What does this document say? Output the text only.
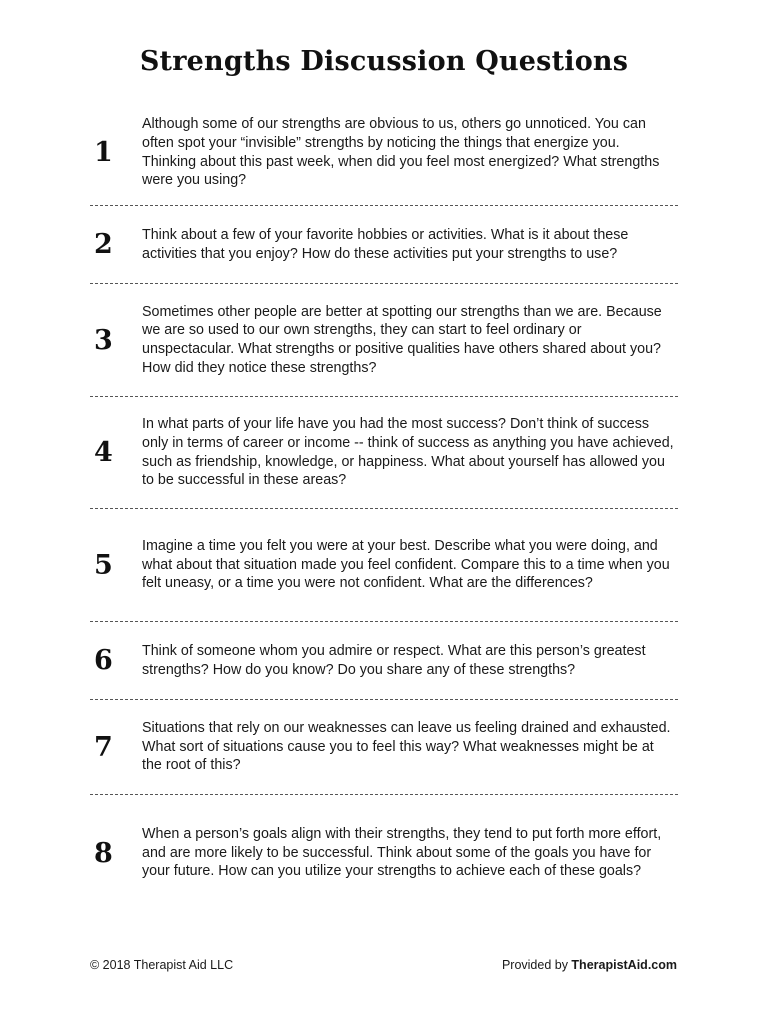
Strengths Discussion Questions
1
Although some of our strengths are obvious to us, others go unnoticed. You can often spot your “invisible” strengths by noticing the things that energize you. Thinking about this past week, when did you feel most energized? What strengths were you using?
2	Think about a few of your favorite hobbies or activities. What is it about these activities that you enjoy? How do these activities put your strengths to use?
3
Sometimes other people are better at spotting our strengths than we are. Because we are so used to our own strengths, they can start to feel ordinary or unspectacular. What strengths or positive qualities have others shared about you? How did they notice these strengths?
4
In what parts of your life have you had the most success? Don’t think of success only in terms of career or income -- think of success as anything you have achieved, such as friendship, knowledge, or happiness. What about yourself has allowed you to be successful in these areas?
5
Imagine a time you felt you were at your best. Describe what you were doing, and what about that situation made you feel confident. Compare this to a time when you felt uneasy, or a time you were not confident. What are the differences?
6	Think of someone whom you admire or respect. What are this person’s greatest strengths? How do you know? Do you share any of these strengths?
7
Situations that rely on our weaknesses can leave us feeling drained and exhausted. What sort of situations cause you to feel this way? What weaknesses might be at the root of this?
8
When a person’s goals align with their strengths, they tend to put forth more effort, and are more likely to be successful. Think about some of the goals you have for your future. How can you utilize your strengths to achieve each of these goals?
© 2018 Therapist Aid LLC	Provided by TherapistAid.com
